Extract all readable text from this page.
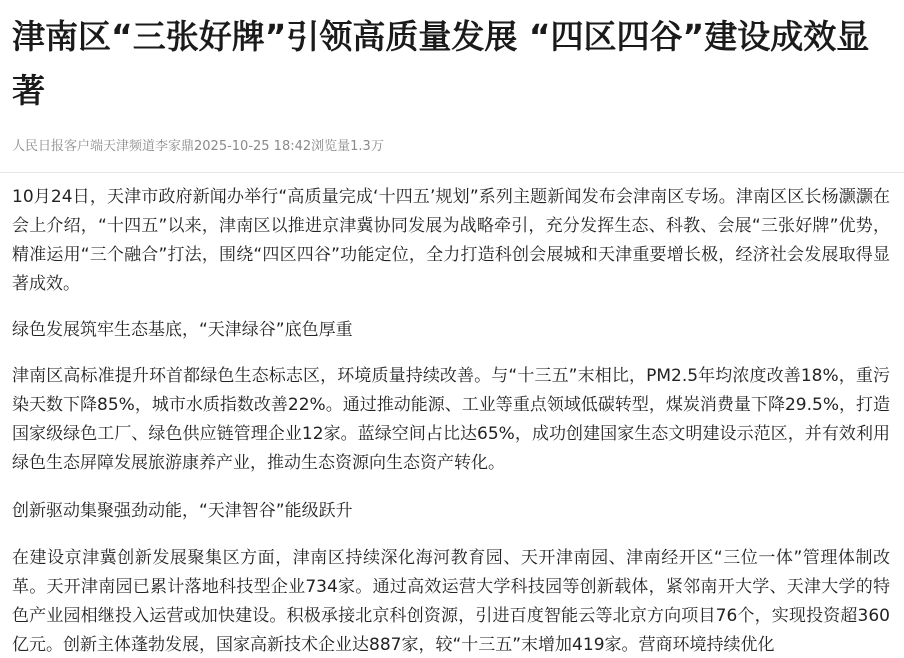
津南区“三张好牌”引领高质量发展 “四区四谷”建设成效显著
人民日报客户端天津频道李家鼎2025-10-25 18:42浏览量1.3万

10月24日，天津市政府新闻办举行“高质量完成‘十四五’规划”系列主题新闻发布会津南区专场。津南区区长杨灏灏在会上介绍，“十四五”以来，津南区以推进京津冀协同发展为战略牵引，充分发挥生态、科教、会展“三张好牌”优势，精准运用“三个融合”打法，围绕“四区四谷”功能定位，全力打造科创会展城和天津重要增长极，经济社会发展取得显著成效。

绿色发展筑牢生态基底，“天津绿谷”底色厚重

津南区高标准提升环首都绿色生态标志区，环境质量持续改善。与“十三五”末相比，PM2.5年均浓度改善18%，重污染天数下降85%，城市水质指数改善22%。通过推动能源、工业等重点领域低碳转型，煤炭消费量下降29.5%，打造国家级绿色工厂、绿色供应链管理企业12家。蓝绿空间占比达65%，成功创建国家生态文明建设示范区，并有效利用绿色生态屏障发展旅游康养产业，推动生态资源向生态资产转化。

创新驱动集聚强劲动能，“天津智谷”能级跃升

在建设京津冀创新发展聚集区方面，津南区持续深化海河教育园、天开津南园、津南经开区“三位一体”管理体制改革。天开津南园已累计落地科技型企业734家。通过高效运营大学科技园等创新载体，紧邻南开大学、天津大学的特色产业园相继投入运营或加快建设。积极承接北京科创资源，引进百度智能云等北京方向项目76个，实现投资超360亿元。创新主体蓬勃发展，国家高新技术企业达887家，较“十三五”末增加419家。营商环境持续优化
